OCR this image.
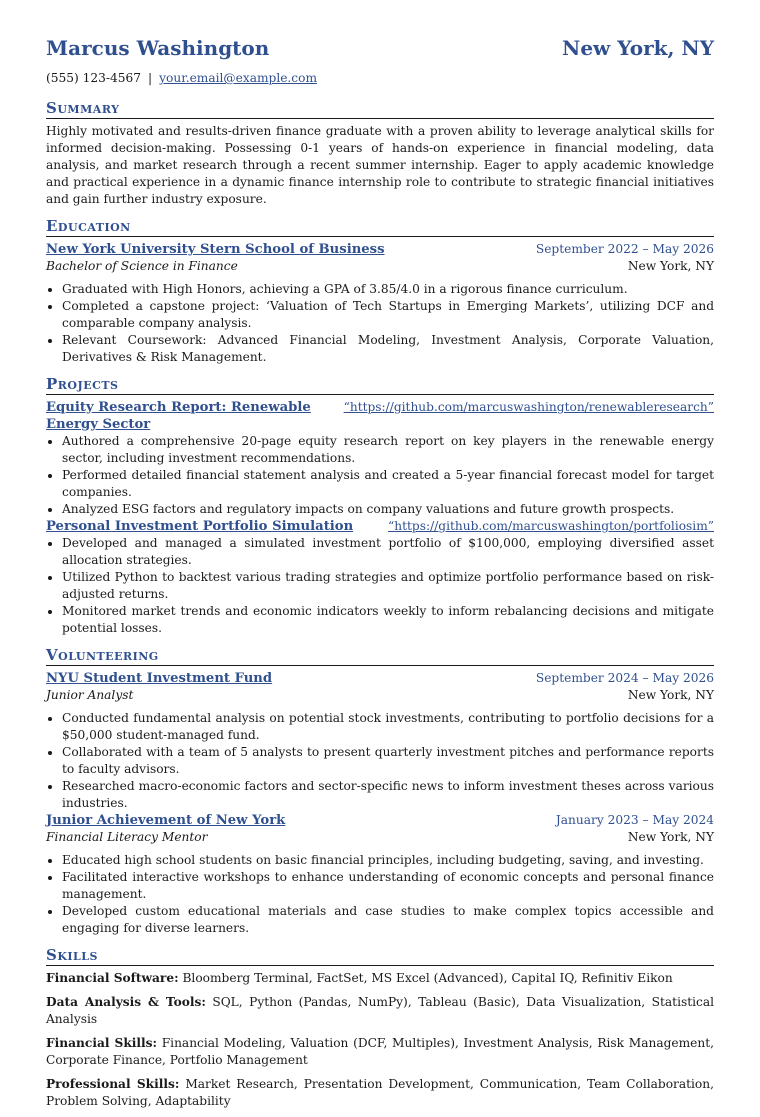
Marcus Washington	New York, NY
(555) 123-4567 | your.email@example.com
Summary
Highly motivated and results-driven finance graduate with a proven ability to leverage analytical skills for informed decision-making. Possessing 0-1 years of hands-on experience in financial modeling, data analysis, and market research through a recent summer internship. Eager to apply academic knowledge and practical experience in a dynamic finance internship role to contribute to strategic financial initiatives and gain further industry exposure.
Education
New York University Stern School of Business	September 2022 – May 2026
Bachelor of Science in Finance	New York, NY
• Graduated with High Honors, achieving a GPA of 3.85/4.0 in a rigorous finance curriculum.
• Completed a capstone project: ‘Valuation of Tech Startups in Emerging Markets’, utilizing DCF and comparable company analysis.
• Relevant Coursework: Advanced Financial Modeling, Investment Analysis, Corporate Valuation, Derivatives & Risk Management.
Projects
Equity Research Report: Renewable Energy Sector
“https://github.com/marcuswashington/renewableresearch”
• Authored a comprehensive 20-page equity research report on key players in the renewable energy sector, including investment recommendations.
• Performed detailed financial statement analysis and created a 5-year financial forecast model for target companies.
• Analyzed ESG factors and regulatory impacts on company valuations and future growth prospects.
Personal Investment Portfolio Simulation	“https://github.com/marcuswashington/portfoliosim”
• Developed and managed a simulated investment portfolio of $100,000, employing diversified asset allocation strategies.
• Utilized Python to backtest various trading strategies and optimize portfolio performance based on risk-adjusted returns.
• Monitored market trends and economic indicators weekly to inform rebalancing decisions and mitigate potential losses.
Volunteering
NYU Student Investment Fund	September 2024 – May 2026
Junior Analyst	New York, NY
• Conducted fundamental analysis on potential stock investments, contributing to portfolio decisions for a $50,000 student-managed fund.
• Collaborated with a team of 5 analysts to present quarterly investment pitches and performance reports to faculty advisors.
• Researched macro-economic factors and sector-specific news to inform investment theses across various industries.
Junior Achievement of New York	January 2023 – May 2024
Financial Literacy Mentor	New York, NY
• Educated high school students on basic financial principles, including budgeting, saving, and investing.
• Facilitated interactive workshops to enhance understanding of economic concepts and personal finance management.
• Developed custom educational materials and case studies to make complex topics accessible and engaging for diverse learners.
Skills
Financial Software: Bloomberg Terminal, FactSet, MS Excel (Advanced), Capital IQ, Refinitiv Eikon
Data Analysis & Tools: SQL, Python (Pandas, NumPy), Tableau (Basic), Data Visualization, Statistical Analysis
Financial Skills: Financial Modeling, Valuation (DCF, Multiples), Investment Analysis, Risk Management, Corporate Finance, Portfolio Management
Professional Skills: Market Research, Presentation Development, Communication, Team Collaboration, Problem Solving, Adaptability
